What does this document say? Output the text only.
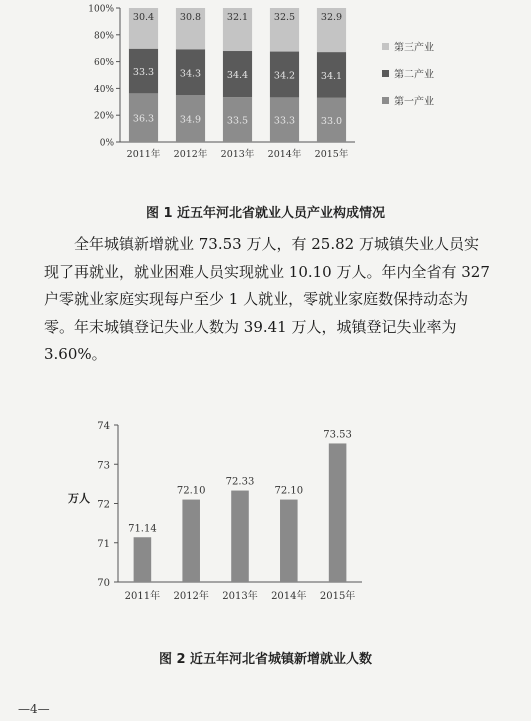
36.3
33.3
30.4
34.9
34.3
30.8
33.5
34.4
32.1
33.3
34.2
32.5
33.0
34.1
32.9
0%
20%
40%
60%
80%
100%
2011年 2012年 2013年 2014年 2015年
第三产业
第二产业
第一产业
图 1 近五年河北省就业人员产业构成情况
全年城镇新增就业 73.53 万人，有 25.82 万城镇失业人员实
现了再就业，就业困难人员实现就业 10.10 万人。年内全省有 327
户零就业家庭实现每户至少 1 人就业，零就业家庭数保持动态为
零。年末城镇登记失业人数为 39.41 万人，城镇登记失业率为
3.60%。
71.14
72.10
72.33
72.10
73.53
70
71
72
73
74
万人
2011年 2012年 2013年 2014年 2015年
图 2 近五年河北省城镇新增就业人数
—4—
